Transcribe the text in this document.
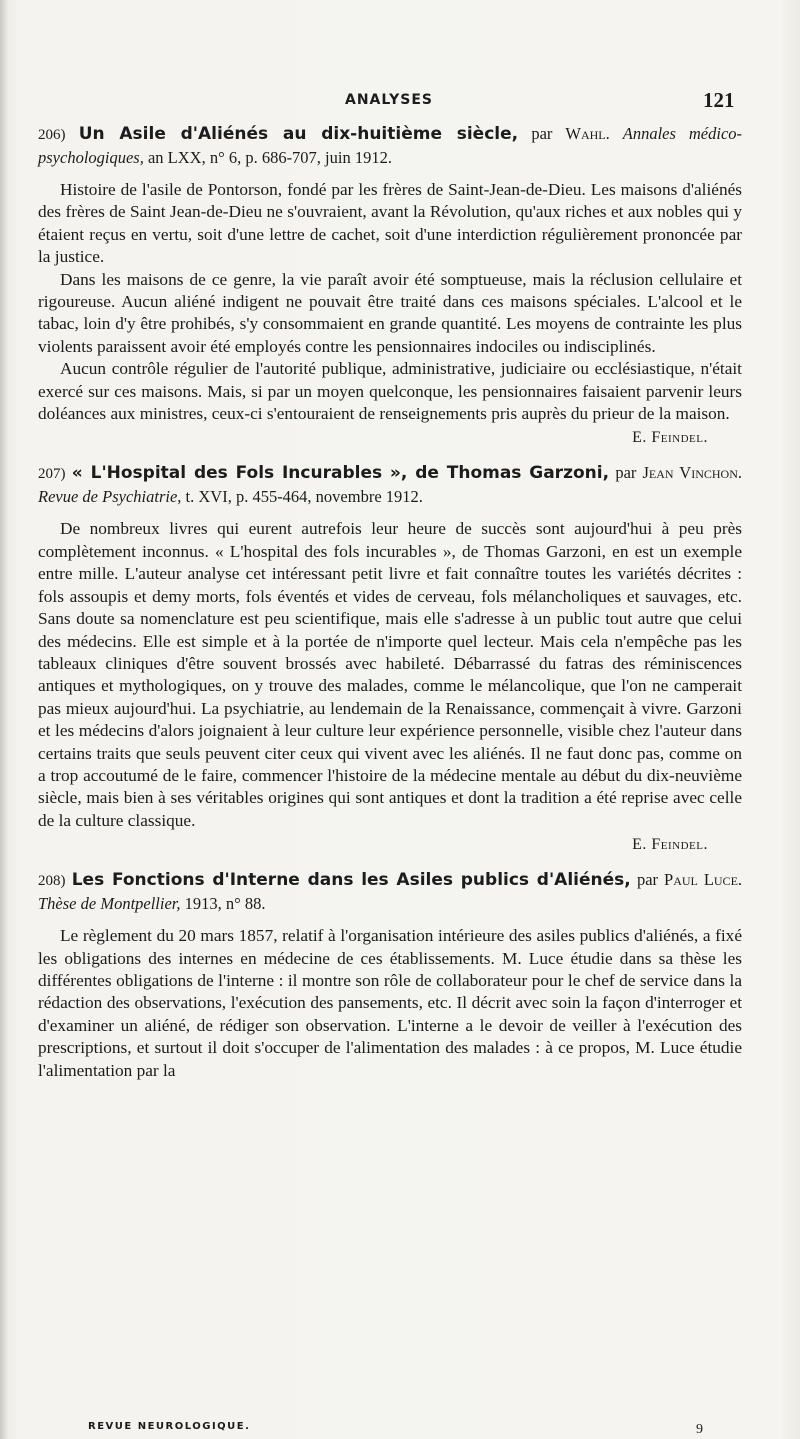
ANALYSES	121

206) Un Asile d'Aliénés au dix-huitième siècle, par Wahl. Annales médico-psychologiques, an LXX, n° 6, p. 686-707, juin 1912.

Histoire de l'asile de Pontorson, fondé par les frères de Saint-Jean-de-Dieu. Les maisons d'aliénés des frères de Saint Jean-de-Dieu ne s'ouvraient, avant la Révolution, qu'aux riches et aux nobles qui y étaient reçus en vertu, soit d'une lettre de cachet, soit d'une interdiction régulièrement prononcée par la justice.

Dans les maisons de ce genre, la vie paraît avoir été somptueuse, mais la réclusion cellulaire et rigoureuse. Aucun aliéné indigent ne pouvait être traité dans ces maisons spéciales. L'alcool et le tabac, loin d'y être prohibés, s'y consommaient en grande quantité. Les moyens de contrainte les plus violents paraissent avoir été employés contre les pensionnaires indociles ou indisciplinés.

Aucun contrôle régulier de l'autorité publique, administrative, judiciaire ou ecclésiastique, n'était exercé sur ces maisons. Mais, si par un moyen quelconque, les pensionnaires faisaient parvenir leurs doléances aux ministres, ceux-ci s'entouraient de renseignements pris auprès du prieur de la maison.

E. Feindel.

207) « L'Hospital des Fols Incurables », de Thomas Garzoni, par Jean Vinchon. Revue de Psychiatrie, t. XVI, p. 455-464, novembre 1912.

De nombreux livres qui eurent autrefois leur heure de succès sont aujourd'hui à peu près complètement inconnus. « L'hospital des fols incurables », de Thomas Garzoni, en est un exemple entre mille. L'auteur analyse cet intéressant petit livre et fait connaître toutes les variétés décrites : fols assoupis et demy morts, fols éventés et vides de cerveau, fols mélancholiques et sauvages, etc. Sans doute sa nomenclature est peu scientifique, mais elle s'adresse à un public tout autre que celui des médecins. Elle est simple et à la portée de n'importe quel lecteur. Mais cela n'empêche pas les tableaux cliniques d'être souvent brossés avec habileté. Débarrassé du fatras des réminiscences antiques et mythologiques, on y trouve des malades, comme le mélancolique, que l'on ne camperait pas mieux aujourd'hui. La psychiatrie, au lendemain de la Renaissance, commençait à vivre. Garzoni et les médecins d'alors joignaient à leur culture leur expérience personnelle, visible chez l'auteur dans certains traits que seuls peuvent citer ceux qui vivent avec les aliénés. Il ne faut donc pas, comme on a trop accoutumé de le faire, commencer l'histoire de la médecine mentale au début du dix-neuvième siècle, mais bien à ses véritables origines qui sont antiques et dont la tradition a été reprise avec celle de la culture classique.

E. Feindel.

208) Les Fonctions d'Interne dans les Asiles publics d'Aliénés, par Paul Luce. Thèse de Montpellier, 1913, n° 88.

Le règlement du 20 mars 1857, relatif à l'organisation intérieure des asiles publics d'aliénés, a fixé les obligations des internes en médecine de ces établissements. M. Luce étudie dans sa thèse les différentes obligations de l'interne : il montre son rôle de collaborateur pour le chef de service dans la rédaction des observations, l'exécution des pansements, etc. Il décrit avec soin la façon d'interroger et d'examiner un aliéné, de rédiger son observation. L'interne a le devoir de veiller à l'exécution des prescriptions, et surtout il doit s'occuper de l'alimentation des malades : à ce propos, M. Luce étudie l'alimentation par la

REVUE NEUROLOGIQUE.	9
